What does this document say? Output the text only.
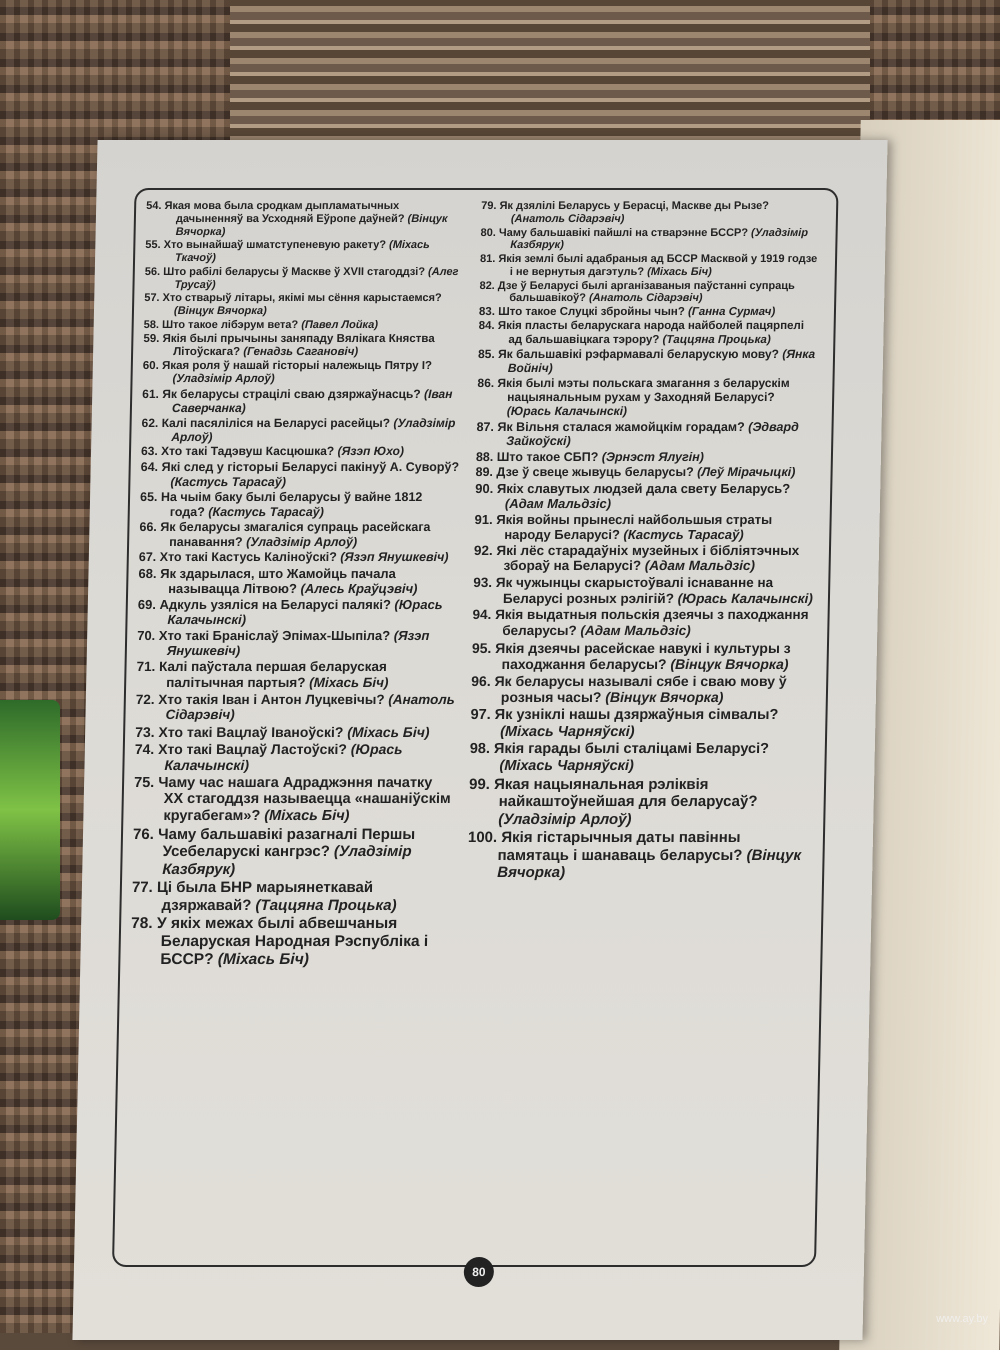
54. Якая мова была сродкам дыпламатычных дачыненняў ва Усходняй Еўропе даўней? (Вінцук Вячорка)

55. Хто вынайшаў шматступеневую ракету? (Міхась Ткачоў)

56. Што рабілі беларусы ў Маскве ў XVII стагоддзі? (Алег Трусаў)

57. Хто стварыў літары, якімі мы сёння карыстаемся? (Вінцук Вячорка)

58. Што такое лібэрум вета? (Павел Лойка)

59. Якія былі прычыны заняпаду Вялікага Княства Літоўскага? (Генадзь Сагановіч)

60. Якая роля ў нашай гісторыі належыць Пятру I? (Уладзімір Арлоў)

61. Як беларусы страцілі сваю дзяржаўнасць? (Іван Саверчанка)

62. Калі пасяліліся на Беларусі расейцы? (Уладзімір Арлоў)

63. Хто такі Тадэвуш Касцюшка? (Язэп Юхо)

64. Які след у гісторыі Беларусі пакінуў А. Суворў? (Кастусь Тарасаў)

65. На чыім баку былі беларусы ў вайне 1812 года? (Кастусь Тарасаў)

66. Як беларусы змагаліся супраць расейскага панавання? (Уладзімір Арлоў)

67. Хто такі Кастусь Каліноўскі? (Язэп Янушкевіч)

68. Як здарылася, што Жамойць пачала называцца Літвою? (Алесь Краўцэвіч)

69. Адкуль узяліся на Беларусі палякі? (Юрась Калачынскі)

70. Хто такі Браніслаў Эпімах-Шыпіла? (Язэп Янушкевіч)

71. Калі паўстала першая беларуская палітычная партыя? (Міхась Біч)

72. Хто такія Іван і Антон Луцкевічы? (Анатоль Сідарэвіч)

73. Хто такі Вацлаў Іваноўскі? (Міхась Біч)

74. Хто такі Вацлаў Ластоўскі? (Юрась Калачынскі)

75. Чаму час нашага Адраджэння пачатку XX стагоддзя называецца «нашанiўскім кругабегам»? (Міхась Біч)

76. Чаму бальшавікі разагналі Першы Усебеларускі кангрэс? (Уладзімір Казбярук)

77. Ці была БНР марыянеткавай дзяржавай? (Таццяна Процька)

78. У якіх межах былі абвешчаныя Беларуская Народная Рэспубліка і БССР? (Міхась Біч)

79. Як дзялілі Беларусь у Берасці, Маскве ды Рызе? (Анатоль Сідарэвіч)

80. Чаму бальшавікі пайшлі на стварэнне БССР? (Уладзімір Казбярук)

81. Якія землі былі адабраныя ад БССР Масквой у 1919 годзе і не вернутыя дагэтуль? (Міхась Біч)

82. Дзе ў Беларусі былі арганізаваныя паўстанні супраць бальшавікоў? (Анатоль Сідарэвіч)

83. Што такое Слуцкі збройны чын? (Ганна Сурмач)

84. Якія пласты беларускага народа найболей пацярпелі ад бальшавіцкага тэрору? (Таццяна Процька)

85. Як бальшавікі рэфармавалі беларускую мову? (Янка Войніч)

86. Якія былі мэты польскага змагання з беларускім нацыянальным рухам у Заходняй Беларусі? (Юрась Калачынскі)

87. Як Вільня сталася жамойцкім горадам? (Эдвард Зайкоўскі)

88. Што такое СБП? (Эрнэст Ялугін)

89. Дзе ў свеце жывуць беларусы? (Леў Мірачыцкі)

90. Якіх славутых людзей дала свету Беларусь? (Адам Мальдзіс)

91. Якія войны прынеслі найбольшыя страты народу Беларусі? (Кастусь Тарасаў)

92. Які лёс старадаўніх музейных і бібліятэчных збораў на Беларусі? (Адам Мальдзіс)

93. Як чужынцы скарыстоўвалі існаванне на Беларусі розных рэлігій? (Юрась Калачынскі)

94. Якія выдатныя польскія дзеячы з паходжання беларусы? (Адам Мальдзіс)

95. Якія дзеячы расейскае навукі і культуры з паходжання беларусы? (Вінцук Вячорка)

96. Як беларусы называлі сябе і сваю мову ў розныя часы? (Вінцук Вячорка)

97. Як узніклі нашы дзяржаўныя сімвалы? (Міхась Чарняўскі)

98. Якія гарады былі сталіцамі Беларусі? (Міхась Чарняўскі)

99. Якая нацыянальная рэліквія найкаштоўнейшая для беларусаў? (Уладзімір Арлоў)

100. Якія гістарычныя даты павінны памятаць і шанаваць беларусы? (Вінцук Вячорка)

80
www.ay.by
